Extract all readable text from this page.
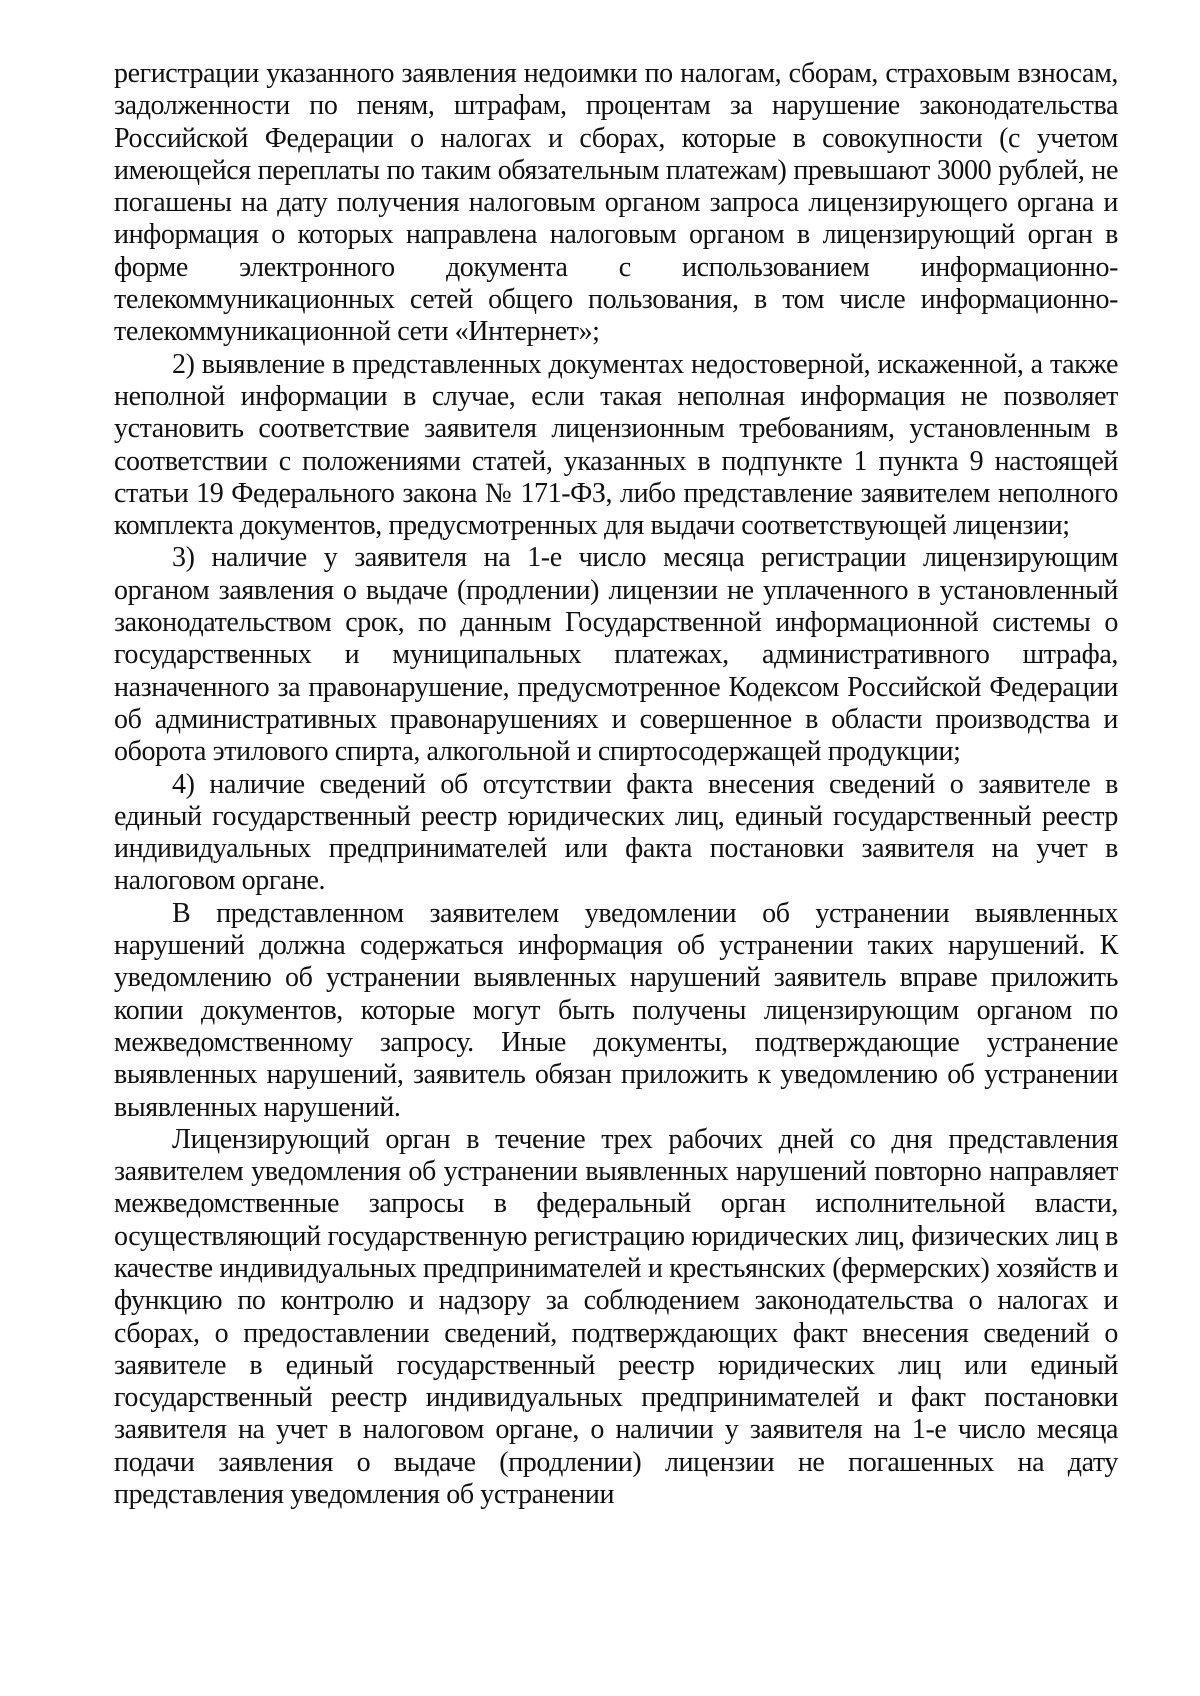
регистрации указанного заявления недоимки по налогам, сборам, страховым взносам, задолженности по пеням, штрафам, процентам за нарушение законодательства Российской Федерации о налогах и сборах, которые в совокупности (с учетом имеющейся переплаты по таким обязательным платежам) превышают 3000 рублей, не погашены на дату получения налоговым органом запроса лицензирующего органа и информация о которых направлена налоговым органом в лицензирующий орган в форме электронного документа с использованием информационно-телекоммуникационных сетей общего пользования, в том числе информационно-телекоммуникационной сети «Интернет»;

2) выявление в представленных документах недостоверной, искаженной, а также неполной информации в случае, если такая неполная информация не позволяет установить соответствие заявителя лицензионным требованиям, установленным в соответствии с положениями статей, указанных в подпункте 1 пункта 9 настоящей статьи 19 Федерального закона № 171-ФЗ, либо представление заявителем неполного комплекта документов, предусмотренных для выдачи соответствующей лицензии;

3) наличие у заявителя на 1-е число месяца регистрации лицензирующим органом заявления о выдаче (продлении) лицензии не уплаченного в установленный законодательством срок, по данным Государственной информационной системы о государственных и муниципальных платежах, административного штрафа, назначенного за правонарушение, предусмотренное Кодексом Российской Федерации об административных правонарушениях и совершенное в области производства и оборота этилового спирта, алкогольной и спиртосодержащей продукции;

4) наличие сведений об отсутствии факта внесения сведений о заявителе в единый государственный реестр юридических лиц, единый государственный реестр индивидуальных предпринимателей или факта постановки заявителя на учет в налоговом органе.

В представленном заявителем уведомлении об устранении выявленных нарушений должна содержаться информация об устранении таких нарушений. К уведомлению об устранении выявленных нарушений заявитель вправе приложить копии документов, которые могут быть получены лицензирующим органом по межведомственному запросу. Иные документы, подтверждающие устранение выявленных нарушений, заявитель обязан приложить к уведомлению об устранении выявленных нарушений.

Лицензирующий орган в течение трех рабочих дней со дня представления заявителем уведомления об устранении выявленных нарушений повторно направляет межведомственные запросы в федеральный орган исполнительной власти, осуществляющий государственную регистрацию юридических лиц, физических лиц в качестве индивидуальных предпринимателей и крестьянских (фермерских) хозяйств и функцию по контролю и надзору за соблюдением законодательства о налогах и сборах, о предоставлении сведений, подтверждающих факт внесения сведений о заявителе в единый государственный реестр юридических лиц или единый государственный реестр индивидуальных предпринимателей и факт постановки заявителя на учет в налоговом органе, о наличии у заявителя на 1-е число месяца подачи заявления о выдаче (продлении) лицензии не погашенных на дату представления уведомления об устранении
